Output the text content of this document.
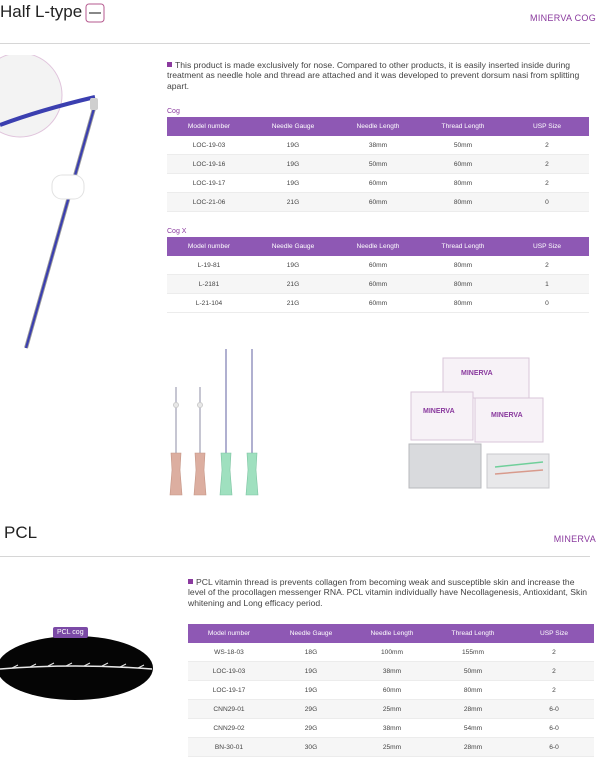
Half L-type	MINERVA COG
This product is made exclusively for nose. Compared to other products, it is easily inserted inside during treatment as needle hole and thread are attached and it was developed to prevent dorsum nasi from splitting apart.
Cog
Model number	Needle Gauge	Needle Length	Thread Length	USP Size
LOC-19-03	19G	38mm	50mm	2
LOC-19-16	19G	50mm	60mm	2
LOC-19-17	19G	60mm	80mm	2
LOC-21-06	21G	60mm	80mm	0
Cog X
Model number	Needle Gauge	Needle Length	Thread Length	USP Size
L-19-81	19G	60mm	80mm	2
L-2181	21G	60mm	80mm	1
L-21-104	21G	60mm	80mm	0
MINERVA
MINERVA
MINERVA
PCL	MINERVA
PCL cog
PCL vitamin thread is prevents collagen from becoming weak and susceptible skin and increase the level of the procollagen messenger RNA. PCL vitamin individually have Necollagenesis, Antioxidant, Skin whitening and Long efficacy period.
Model number	Needle Gauge	Needle Length	Thread Length	USP Size
WS-18-03	18G	100mm	155mm	2
LOC-19-03	19G	38mm	50mm	2
LOC-19-17	19G	60mm	80mm	2
CNN29-01	29G	25mm	28mm	6-0
CNN29-02	29G	38mm	54mm	6-0
BN-30-01	30G	25mm	28mm	6-0
